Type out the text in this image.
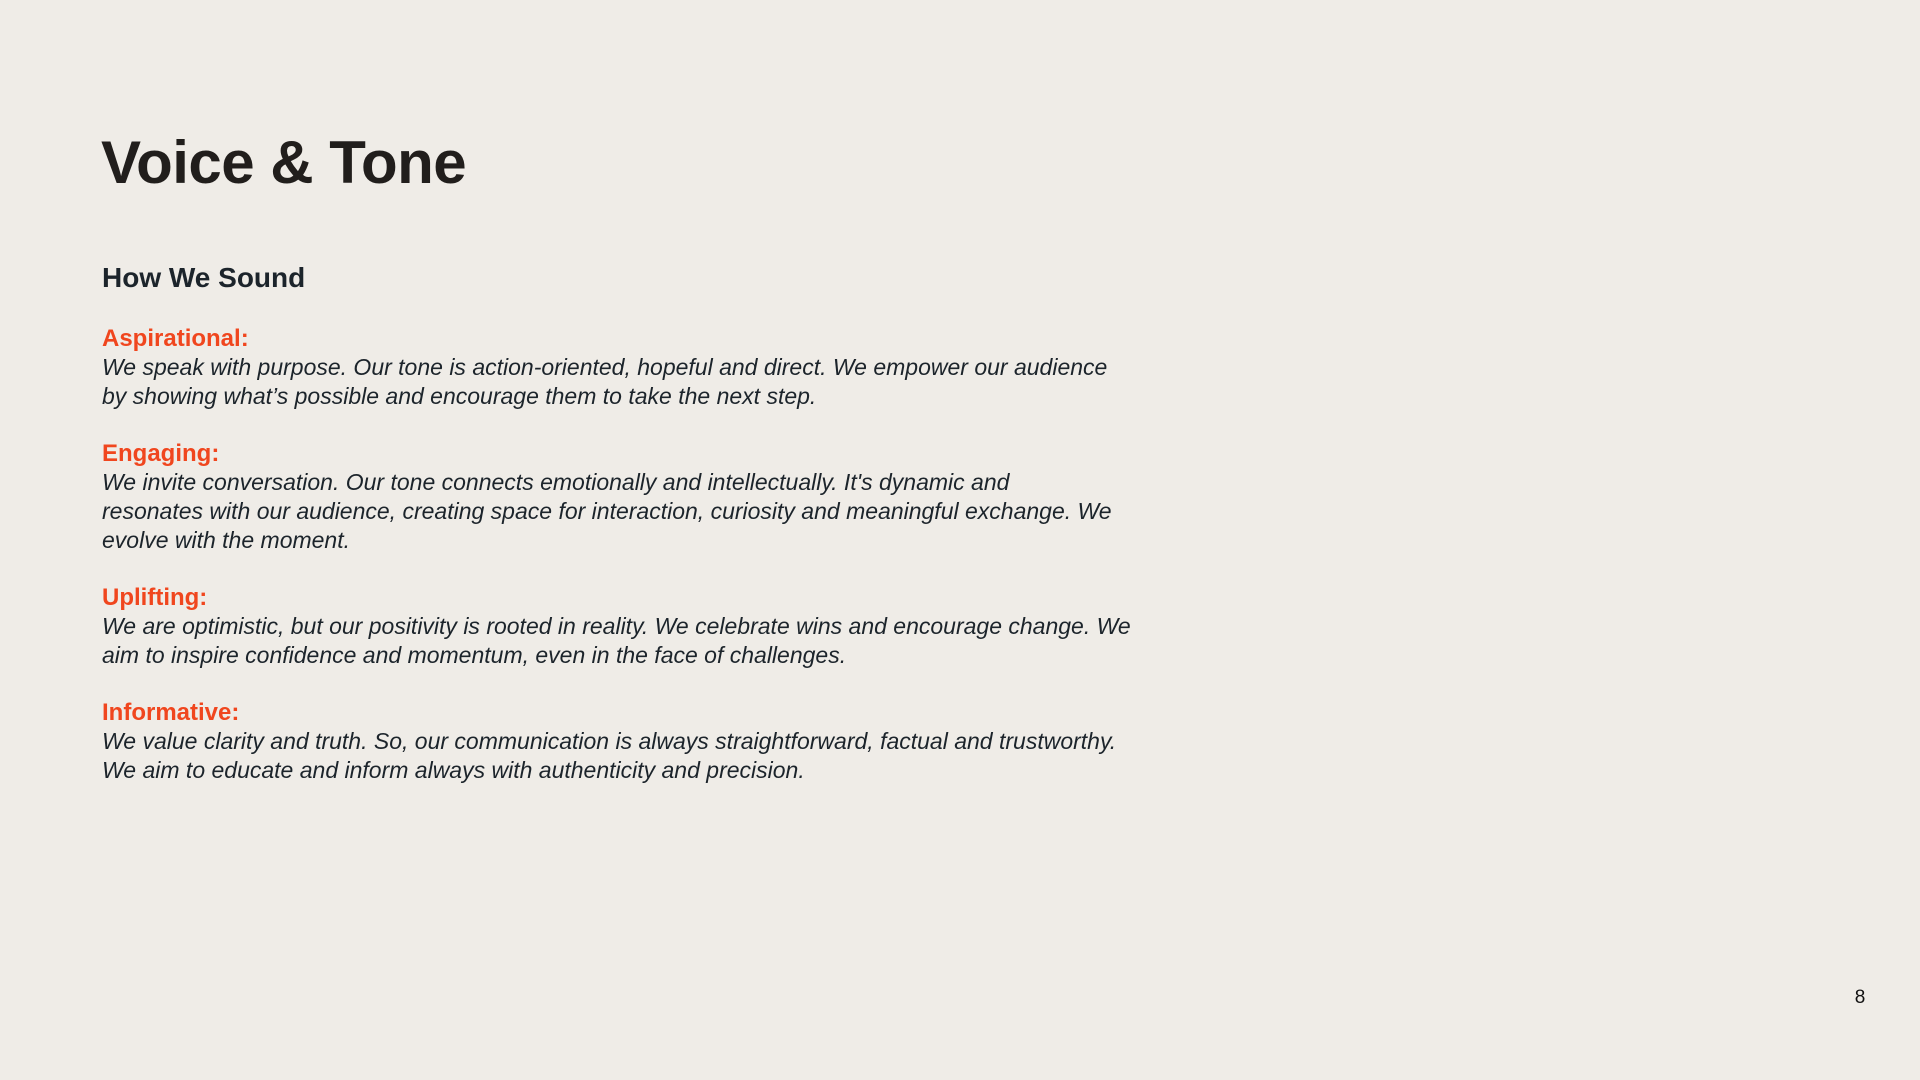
Voice & Tone
How We Sound

Aspirational:

We speak with purpose. Our tone is action-oriented, hopeful and direct. We empower our audience
by showing what’s possible and encourage them to take the next step.

Engaging:

We invite conversation. Our tone connects emotionally and intellectually. It's dynamic and
resonates with our audience, creating space for interaction, curiosity and meaningful exchange. We
evolve with the moment.

Uplifting:

We are optimistic, but our positivity is rooted in reality. We celebrate wins and encourage change. We
aim to inspire confidence and momentum, even in the face of challenges.

Informative:

We value clarity and truth. So, our communication is always straightforward, factual and trustworthy.
We aim to educate and inform always with authenticity and precision.

8
